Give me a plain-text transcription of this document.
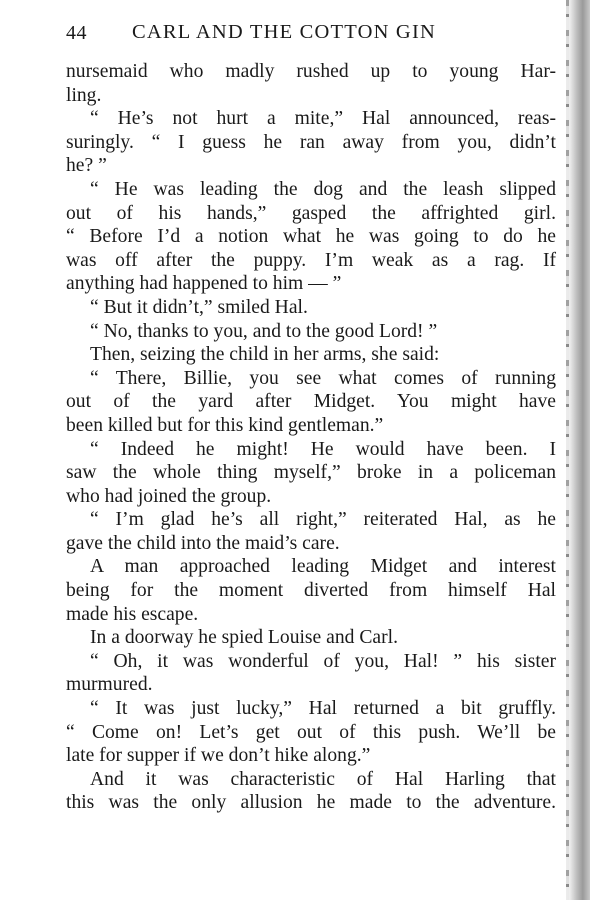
44 CARL AND THE COTTON GIN
nursemaid who madly rushed up to young Har-
ling.
“ He’s not hurt a mite,” Hal announced, reas-
suringly. “ I guess he ran away from you, didn’t
he? ”
“ He was leading the dog and the leash slipped
out of his hands,” gasped the affrighted girl.
“ Before I’d a notion what he was going to do he
was off after the puppy. I’m weak as a rag. If
anything had happened to him — ”
“ But it didn’t,” smiled Hal.
“ No, thanks to you, and to the good Lord! ”
Then, seizing the child in her arms, she said:
“ There, Billie, you see what comes of running
out of the yard after Midget. You might have
been killed but for this kind gentleman.”
“ Indeed he might! He would have been. I
saw the whole thing myself,” broke in a policeman
who had joined the group.
“ I’m glad he’s all right,” reiterated Hal, as he
gave the child into the maid’s care.
A man approached leading Midget and interest
being for the moment diverted from himself Hal
made his escape.
In a doorway he spied Louise and Carl.
“ Oh, it was wonderful of you, Hal! ” his sister
murmured.
“ It was just lucky,” Hal returned a bit gruffly.
“ Come on! Let’s get out of this push. We’ll be
late for supper if we don’t hike along.”
And it was characteristic of Hal Harling that
this was the only allusion he made to the adventure.
